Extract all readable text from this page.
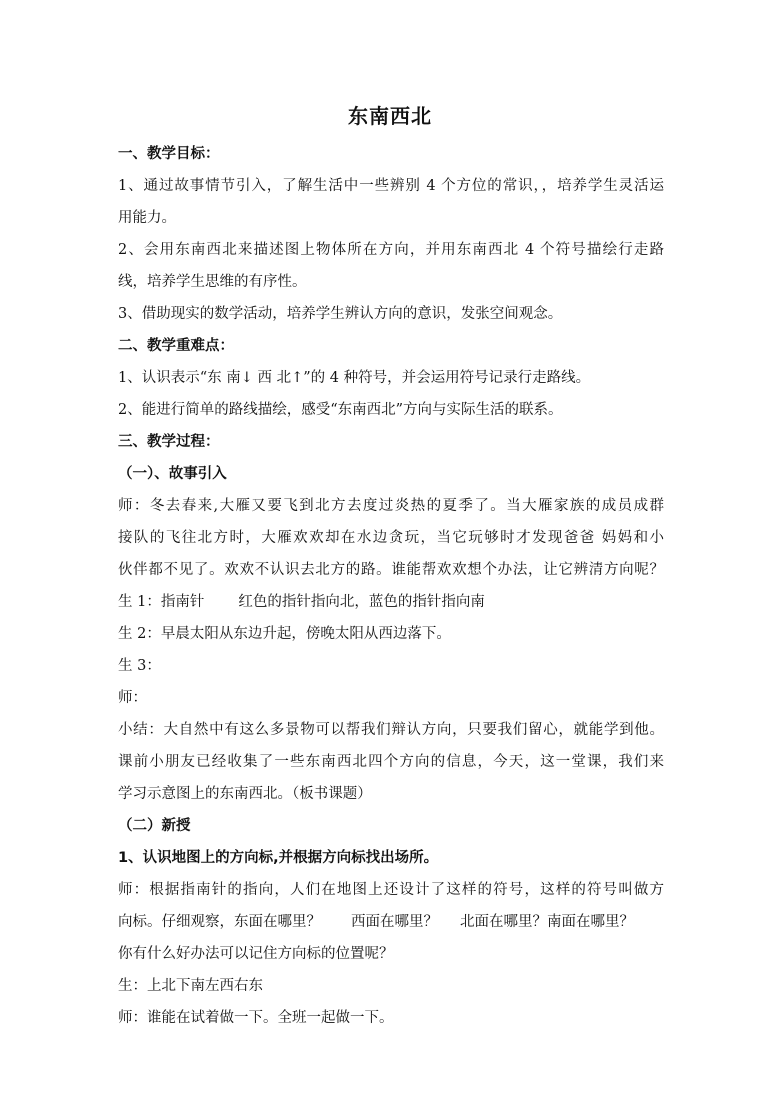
东南西北
一、教学目标：
1、通过故事情节引入，了解生活中一些辨别 4 个方位的常识，，培养学生灵活运
用能力。
2、会用东南西北来描述图上物体所在方向，并用东南西北 4 个符号描绘行走路
线，培养学生思维的有序性。
3、借助现实的数学活动，培养学生辨认方向的意识，发张空间观念。
二、教学重难点：
1、认识表示“东 南↓ 西 北↑”的 4 种符号，并会运用符号记录行走路线。
2、能进行简单的路线描绘，感受“东南西北”方向与实际生活的联系。
三、教学过程：
（一）、故事引入
师：冬去春来,大雁又要飞到北方去度过炎热的夏季了。当大雁家族的成员成群
接队的飞往北方时，大雁欢欢却在水边贪玩，当它玩够时才发现爸爸 妈妈和小
伙伴都不见了。欢欢不认识去北方的路。谁能帮欢欢想个办法，让它辨清方向呢？
生 1：指南针 红色的指针指向北，蓝色的指针指向南
生 2：早晨太阳从东边升起，傍晚太阳从西边落下。
生 3：
师：
小结：大自然中有这么多景物可以帮我们辩认方向，只要我们留心，就能学到他。
课前小朋友已经收集了一些东南西北四个方向的信息，今天，这一堂课，我们来
学习示意图上的东南西北。（板书课题）
（二）新授
1、认识地图上的方向标,并根据方向标找出场所。
师：根据指南针的指向，人们在地图上还设计了这样的符号，这样的符号叫做方
向标。仔细观察，东面在哪里？ 西面在哪里？ 北面在哪里？南面在哪里？
你有什么好办法可以记住方向标的位置呢？
生：上北下南左西右东
师：谁能在试着做一下。全班一起做一下。
